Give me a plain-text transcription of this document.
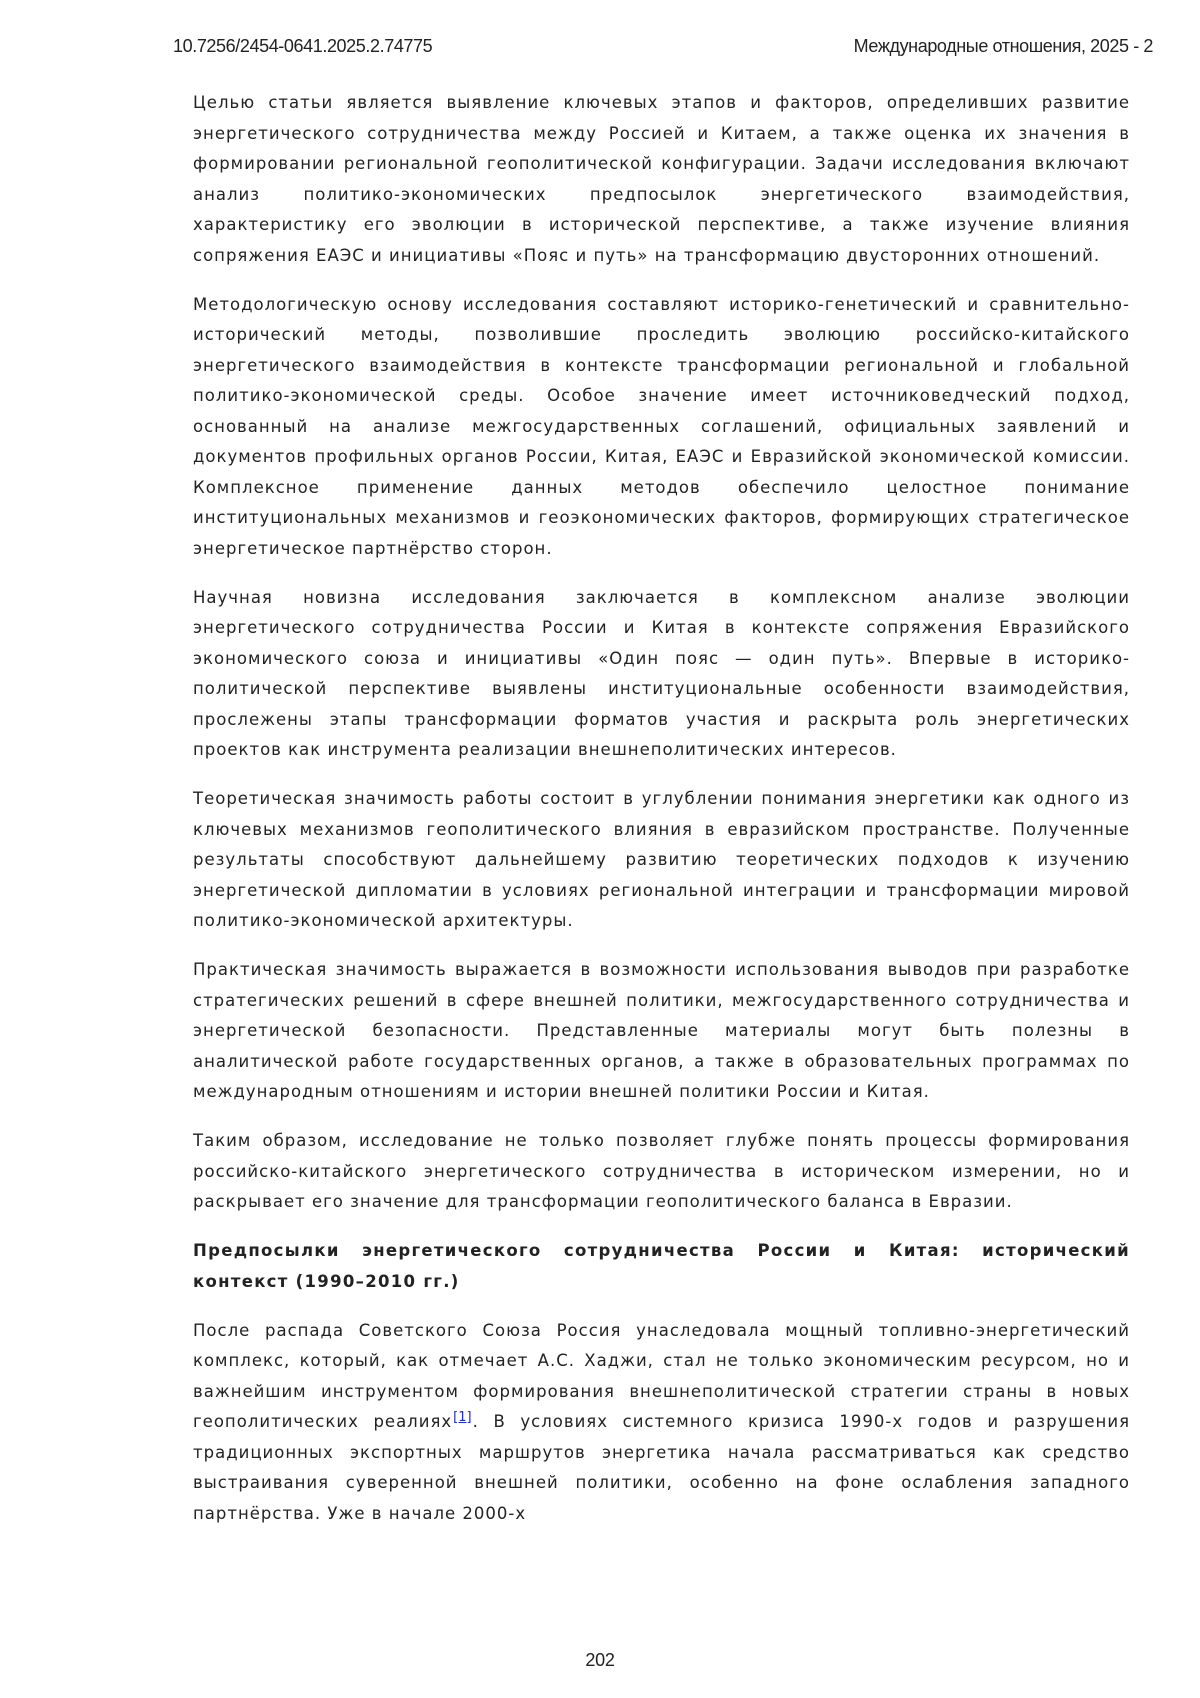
10.7256/2454-0641.2025.2.74775	Международные отношения, 2025 - 2

Целью статьи является выявление ключевых этапов и факторов, определивших развитие энергетического сотрудничества между Россией и Китаем, а также оценка их значения в формировании региональной геополитической конфигурации. Задачи исследования включают анализ политико-экономических предпосылок энергетического взаимодействия, характеристику его эволюции в исторической перспективе, а также изучение влияния сопряжения ЕАЭС и инициативы «Пояс и путь» на трансформацию двусторонних отношений.

Методологическую основу исследования составляют историко-генетический и сравнительно-исторический методы, позволившие проследить эволюцию российско-китайского энергетического взаимодействия в контексте трансформации региональной и глобальной политико-экономической среды. Особое значение имеет источниковедческий подход, основанный на анализе межгосударственных соглашений, официальных заявлений и документов профильных органов России, Китая, ЕАЭС и Евразийской экономической комиссии. Комплексное применение данных методов обеспечило целостное понимание институциональных механизмов и геоэкономических факторов, формирующих стратегическое энергетическое партнёрство сторон.

Научная новизна исследования заключается в комплексном анализе эволюции энергетического сотрудничества России и Китая в контексте сопряжения Евразийского экономического союза и инициативы «Один пояс — один путь». Впервые в историко-политической перспективе выявлены институциональные особенности взаимодействия, прослежены этапы трансформации форматов участия и раскрыта роль энергетических проектов как инструмента реализации внешнеполитических интересов.

Теоретическая значимость работы состоит в углублении понимания энергетики как одного из ключевых механизмов геополитического влияния в евразийском пространстве. Полученные результаты способствуют дальнейшему развитию теоретических подходов к изучению энергетической дипломатии в условиях региональной интеграции и трансформации мировой политико-экономической архитектуры.

Практическая значимость выражается в возможности использования выводов при разработке стратегических решений в сфере внешней политики, межгосударственного сотрудничества и энергетической безопасности. Представленные материалы могут быть полезны в аналитической работе государственных органов, а также в образовательных программах по международным отношениям и истории внешней политики России и Китая.

Таким образом, исследование не только позволяет глубже понять процессы формирования российско-китайского энергетического сотрудничества в историческом измерении, но и раскрывает его значение для трансформации геополитического баланса в Евразии.

Предпосылки энергетического сотрудничества России и Китая: исторический контекст (1990–2010 гг.)

После распада Советского Союза Россия унаследовала мощный топливно-энергетический комплекс, который, как отмечает А.С. Хаджи, стал не только экономическим ресурсом, но и важнейшим инструментом формирования внешнеполитической стратегии страны в новых геополитических реалиях[1]. В условиях системного кризиса 1990-х годов и разрушения традиционных экспортных маршрутов энергетика начала рассматриваться как средство выстраивания суверенной внешней политики, особенно на фоне ослабления западного партнёрства. Уже в начале 2000-х

202
